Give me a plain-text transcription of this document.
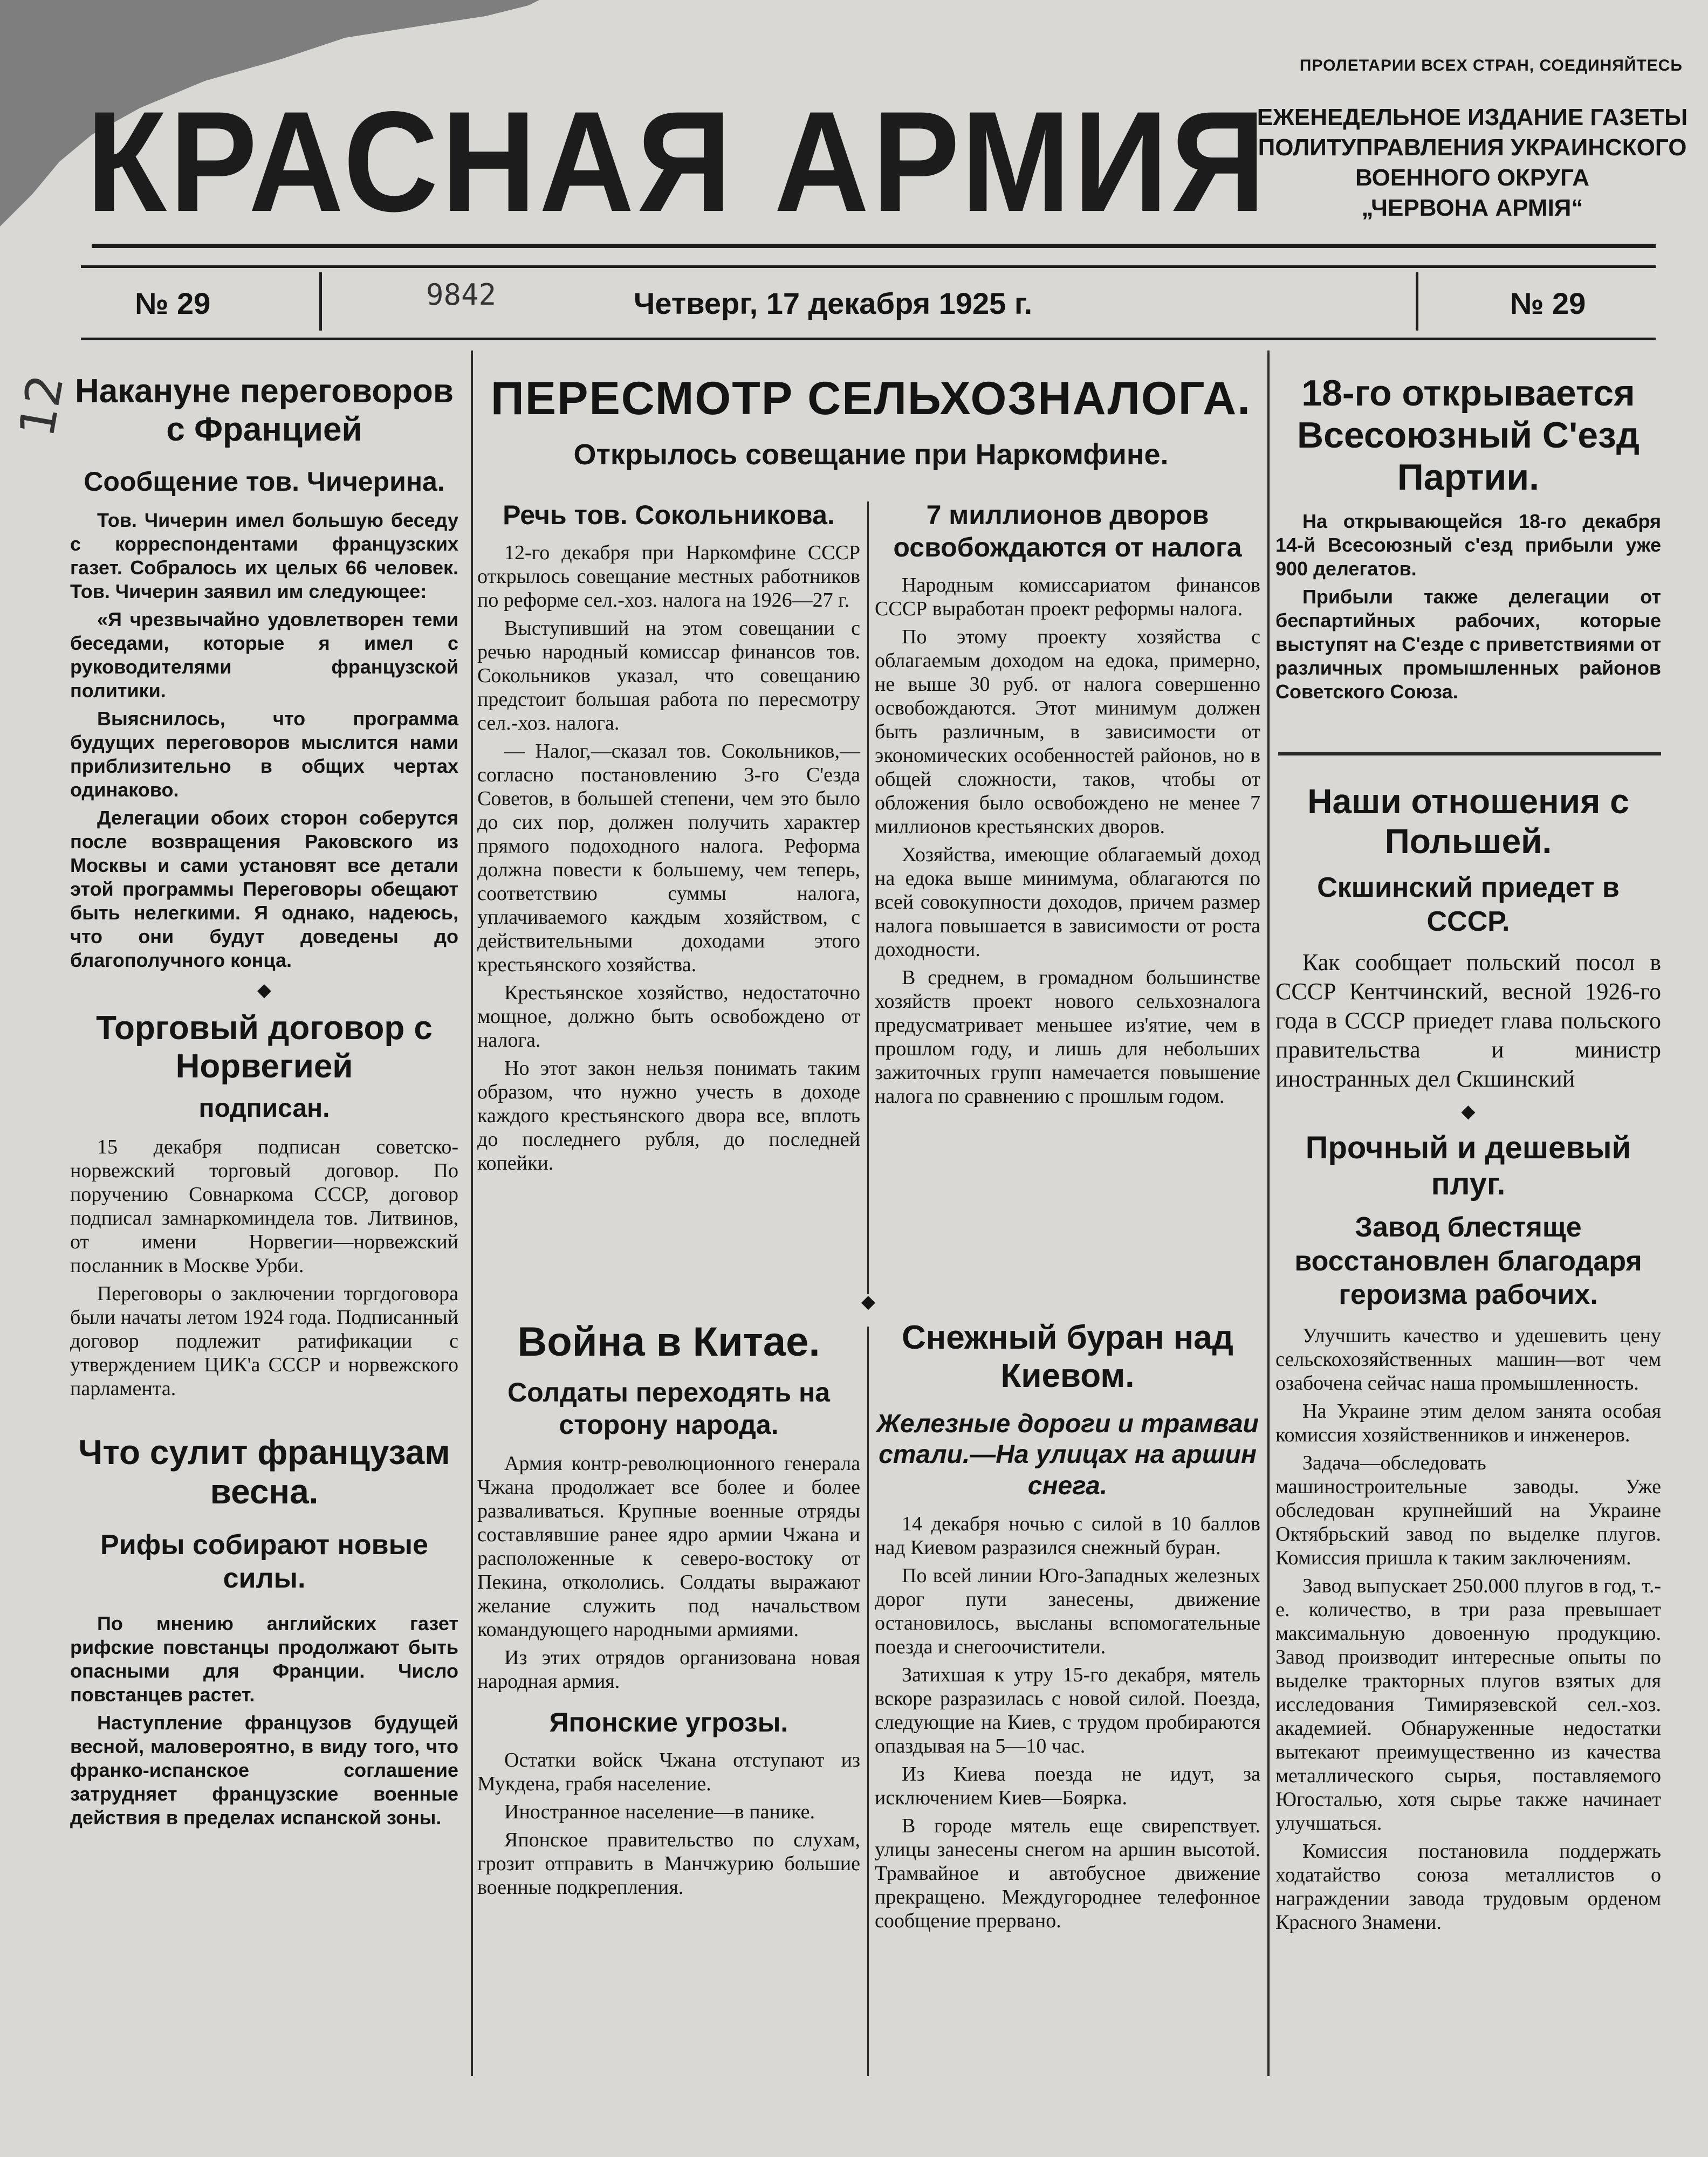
КРАСНАЯ АРМИЯ
ПРОЛЕТАРИИ ВСЕХ СТРАН, СОЕДИНЯЙТЕСЬ
ЕЖЕНЕДЕЛЬНОЕ ИЗДАНИЕ ГАЗЕТЫ
ПОЛИТУПРАВЛЕНИЯ УКРАИНСКОГО
ВОЕННОГО ОКРУГА
„ЧЕРВОНА АРМІЯ“
№ 29	9842	Четверг, 17 декабря 1925 г.	№ 29
12 Накануне переговоров с Францией
Сообщение тов. Чичерина.

Тов. Чичерин имел большую беседу с корреспондентами французских газет. Собралось их целых 66 человек. Тов. Чичерин заявил им следующее:

«Я чрезвычайно удовлетворен теми беседами, которые я имел с руководителями французской политики.

Выяснилось, что программа будущих переговоров мыслится нами приблизительно в общих чертах одинаково.

Делегации обоих сторон соберутся после возвращения Раковского из Москвы и сами установят все детали этой программы Переговоры обещают быть нелегкими. Я однако, надеюсь, что они будут доведены до благополучного конца.

◆
Торговый договор с Норвегией
подписан.

15 декабря подписан советско-норвежский торговый договор. По поручению Совнаркома СССР, договор подписал замнаркоминдела тов. Литвинов, от имени Норвегии—норвежский посланник в Москве Урби.

Переговоры о заключении торгдоговора были начаты летом 1924 года. Подписанный договор подлежит ратификации с утверждением ЦИК'а СССР и норвежского парламента.

Что сулит французам весна.
Рифы собирают новые силы.

По мнению английских газет рифские повстанцы продолжают быть опасными для Франции. Число повстанцев растет.

Наступление французов будущей весной, маловероятно, в виду того, что франко-испанское соглашение затрудняет французские военные действия в пределах испанской зоны.

ПЕРЕСМОТР СЕЛЬХОЗНАЛОГА.
Открылось совещание при Наркомфине.
Речь тов. Сокольникова.

12-го декабря при Наркомфине СССР открылось совещание местных работников по реформе сел.-хоз. налога на 1926—27 г.

Выступивший на этом совещании с речью народный комиссар финансов тов. Сокольников указал, что совещанию предстоит большая работа по пересмотру сел.-хоз. налога.

— Налог,—сказал тов. Сокольников,—согласно постановлению 3-го С'езда Советов, в большей степени, чем это было до сих пор, должен получить характер прямого подоходного налога. Реформа должна повести к большему, чем теперь, соответствию суммы налога, уплачиваемого каждым хозяйством, с действительными доходами этого крестьянского хозяйства.

Крестьянское хозяйство, недостаточно мощное, должно быть освобождено от налога.

Но этот закон нельзя понимать таким образом, что нужно учесть в доходе каждого крестьянского двора все, вплоть до последнего рубля, до последней копейки.

7 миллионов дворов освобождаются от налога

Народным комиссариатом финансов СССР выработан проект реформы налога.

По этому проекту хозяйства с облагаемым доходом на едока, примерно, не выше 30 руб. от налога совершенно освобождаются. Этот минимум должен быть различным, в зависимости от экономических особенностей районов, но в общей сложности, таков, чтобы от обложения было освобождено не менее 7 миллионов крестьянских дворов.

Хозяйства, имеющие облагаемый доход на едока выше минимума, облагаются по всей совокупности доходов, причем размер налога повышается в зависимости от роста доходности.

В среднем, в громадном большинстве хозяйств проект нового сельхозналога предусматривает меньшее из'ятие, чем в прошлом году, и лишь для небольших зажиточных групп намечается повышение налога по сравнению с прошлым годом.

◆
Война в Китае.
Солдаты переходять на сторону народа.

Армия контр-революционного генерала Чжана продолжает все более и более разваливаться. Крупные военные отряды составлявшие ранее ядро армии Чжана и расположенные к северо-востоку от Пекина, откололись. Солдаты выражают желание служить под начальством командующего народными армиями.

Из этих отрядов организована новая народная армия.

Японские угрозы.

Остатки войск Чжана отступают из Мукдена, грабя население.

Иностранное население—в панике.

Японское правительство по слухам, грозит отправить в Манчжурию большие военные подкрепления.

Снежный буран над Киевом.
Железные дороги и трамваи стали.—На улицах на аршин снега.

14 декабря ночью с силой в 10 баллов над Киевом разразился снежный буран.

По всей линии Юго-Западных железных дорог пути занесены, движение остановилось, высланы вспомогательные поезда и снегоочистители.

Затихшая к утру 15-го декабря, мятель вскоре разразилась с новой силой. Поезда, следующие на Киев, с трудом пробираются опаздывая на 5—10 час.

Из Киева поезда не идут, за исключением Киев—Боярка.

В городе мятель еще свирепствует. улицы занесены снегом на аршин высотой. Трамвайное и автобусное движение прекращено. Междугороднее телефонное сообщение прервано.

18-го открывается Всесоюзный С'езд Партии.

На открывающейся 18-го декабря 14-й Всесоюзный с'езд прибыли уже 900 делегатов.

Прибыли также делегации от беспартийных рабочих, которые выступят на С'езде с приветствиями от различных промышленных районов Советского Союза.

Наши отношения с Польшей.
Скшинский приедет в СССР.

Как сообщает польский посол в СССР Кентчинский, весной 1926-го года в СССР приедет глава польского правительства и министр иностранных дел Скшинский

◆
Прочный и дешевый плуг.
Завод блестяще восстановлен благодаря героизма рабочих.

Улучшить качество и удешевить цену сельскохозяйственных машин—вот чем озабочена сейчас наша промышленность.

На Украине этим делом занята особая комиссия хозяйственников и инженеров.

Задача—обследовать машиностроительные заводы. Уже обследован крупнейший на Украине Октябрьский завод по выделке плугов. Комиссия пришла к таким заключениям.

Завод выпускает 250.000 плугов в год, т.-е. количество, в три раза превышает максимальную довоенную продукцию. Завод производит интересные опыты по выделке тракторных плугов взятых для исследования Тимирязевской сел.-хоз. академией. Обнаруженные недостатки вытекают преимущественно из качества металлического сырья, поставляемого Югосталью, хотя сырье также начинает улучшаться.

Комиссия постановила поддержать ходатайство союза металлистов о награждении завода трудовым орденом Красного Знамени.
